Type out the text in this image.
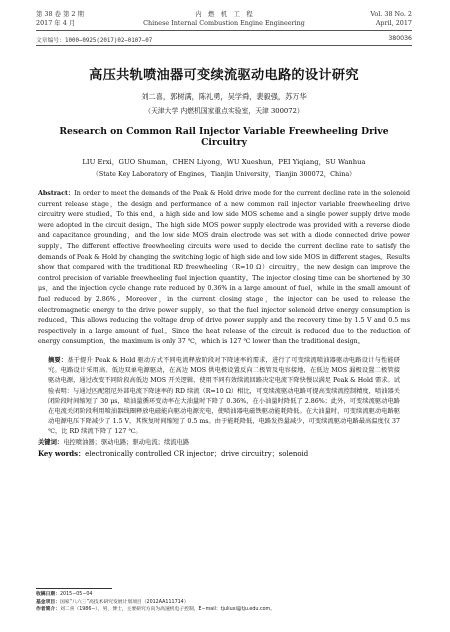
第 38 卷 第 2 期
2017 年 4 月
内　燃　机　工　程
Chinese Internal Combustion Engine Engineering
Vol. 38 No. 2
April, 2017
文章编号：1000−0925(2017)02−0107−07	380036
高压共轨喷油器可变续流驱动电路的设计研究
刘二喜，郭树满，陈礼勇，吴学舜，裴毅强，苏万华
（天津大学 内燃机国家重点实验室，天津 300072）
Research on Common Rail Injector Variable Freewheeling Drive Circuitry
LIU Erxi，GUO Shuman，CHEN Liyong，WU Xueshun，PEI Yiqiang，SU Wanhua
（State Key Laboratory of Engines，Tianjin University，Tianjin 300072，China）
Abstract：In order to meet the demands of the Peak & Hold drive mode for the current decline rate in the solenoid current release stage，the design and performance of a new common rail injector variable freewheeling drive circuitry were studied。To this end，a high side and low side MOS scheme and a single power supply drive mode were adopted in the circuit design。The high side MOS power supply electrode was provided with a reverse diode and capacitance grounding，and the low side MOS drain electrode was set with a diode connected drive power supply。The different effective freewheeling circuits were used to decide the current decline rate to satisfy the demands of Peak & Hold by changing the switching logic of high side and low side MOS in different stages。Results show that compared with the traditional RD freewheeling（R=10 Ω）circuitry，the new design can improve the control precision of variable freewheeling fuel injection quantity。The injector closing time can be shortened by 30 μs，and the injection cycle change rate reduced by 0.36% in a large amount of fuel，while in the small amount of fuel reduced by 2.86%。Moreover，in the current closing stage，the injector can be used to release the electromagnetic energy to the drive power supply，so that the fuel injector solenoid drive energy consumption is reduced。This allows reducing the voltage drop of drive power supply and the recovery time by 1.5 V and 0.5 ms respectively in a large amount of fuel。Since the heat release of the circuit is reduced due to the reduction of energy consumption，the maximum is only 37 ℃，which is 127 ℃ lower than the traditional design。
摘要：基于提升 Peak & Hold 驱动方式不同电流释放阶段对下降速率的需求，进行了可变续流喷油器驱动电路设计与性能研究。电路设计采用高、低边双单电源驱动，在高边 MOS 供电极设置反向二极管及电容接地，在低边 MOS 漏极设置二极管接驱动电源，通过改变不同阶段高低边 MOS 开关逻辑，使用不同有效续流回路决定电流下降快慢以满足 Peak & Hold 需求。试验表明：与通过匹配阻尼外部电流下降速率的 RD 续流（R=10 Ω）相比，可变续流驱动电路可提高变续流控制精度，喷油器关闭阶段时间缩短了 30 μs，喷油量循环变动率在大油量时下降了 0.36%，在小油量时降低了 2.86%；此外，可变续流驱动电路在电流关闭阶段利用喷油器线圈释放电磁能向驱动电源充电，使喷油器电磁铁驱动能耗降低。在大油量时，可变续流驱动电路驱动电源电压下降减少了 1.5 V，其恢复时间缩短了 0.5 ms。由于能耗降低，电路发热量减少，可变续流驱动电路最高温度仅 37 ℃，比 RD 续流下降了 127 ℃。
关键词：电控喷油器；驱动电路；驱动电流；续流电路
Key words：electronically controlled CR injector；drive circuitry；solenoid
收稿日期：2015−05−04
基金项目：国家“八六三”高技术研究发展计划项目（2012AA111714）
作者简介：刘二喜（1986−），男，博士，主要研究方向为高速机电子控制，E−mail：tjuliuxi@tju.edu.com。
